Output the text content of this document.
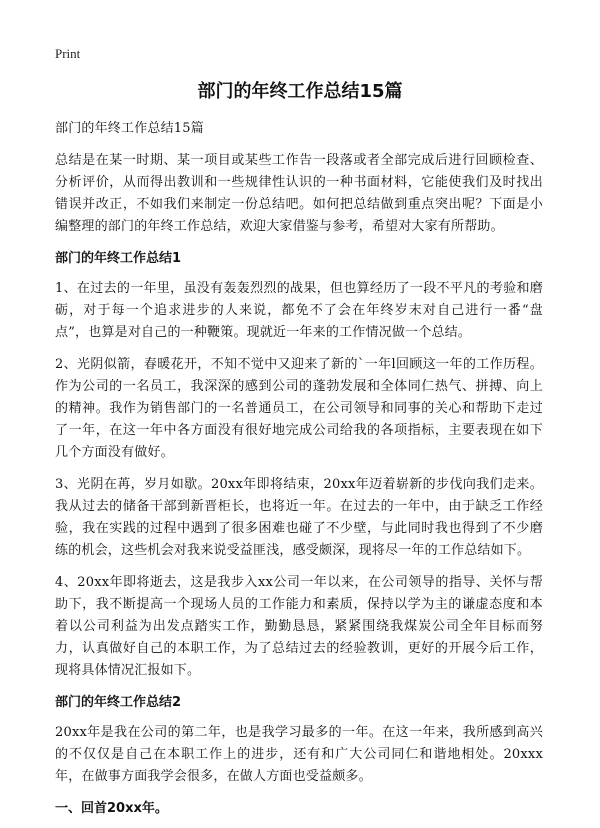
Print
部门的年终工作总结15篇

部门的年终工作总结15篇

总结是在某一时期、某一项目或某些工作告一段落或者全部完成后进行回顾检查、分析评价，从而得出教训和一些规律性认识的一种书面材料，它能使我们及时找出错误并改正，不如我们来制定一份总结吧。如何把总结做到重点突出呢？下面是小编整理的部门的年终工作总结，欢迎大家借鉴与参考，希望对大家有所帮助。

部门的年终工作总结1

1、在过去的一年里，虽没有轰轰烈烈的战果，但也算经历了一段不平凡的考验和磨砺，对于每一个追求进步的人来说，都免不了会在年终岁末对自己进行一番“盘点”，也算是对自己的一种鞭策。现就近一年来的工作情况做一个总结。

2、光阴似箭，春暖花开，不知不觉中又迎来了新的`一年l回顾这一年的工作历程。作为公司的一名员工，我深深的感到公司的蓬勃发展和全体同仁热气、拼搏、向上的精神。我作为销售部门的一名普通员工，在公司领导和同事的关心和帮助下走过了一年，在这一年中各方面没有很好地完成公司给我的各项指标，主要表现在如下几个方面没有做好。

3、光阴在苒，岁月如歇。20xx年即将结束，20xx年迈着崭新的步伐向我们走来。我从过去的储备干部到新晋柜长，也将近一年。在过去的一年中，由于缺乏工作经验，我在实践的过程中遇到了很多困难也碰了不少壁，与此同时我也得到了不少磨练的机会，这些机会对我来说受益匪浅，感受颇深，现将尽一年的工作总结如下。

4、20xx年即将逝去，这是我步入xx公司一年以来，在公司领导的指导、关怀与帮助下，我不断提高一个现场人员的工作能力和素质，保持以学为主的谦虚态度和本着以公司利益为出发点踏实工作，勤勤恳恳，紧紧围绕我煤炭公司全年目标而努力，认真做好自己的本职工作，为了总结过去的经验教训，更好的开展今后工作，现将具体情况汇报如下。

部门的年终工作总结2

20xx年是我在公司的第二年，也是我学习最多的一年。在这一年来，我所感到高兴的不仅仅是自己在本职工作上的进步，还有和广大公司同仁和谐地相处。20xxx年，在做事方面我学会很多，在做人方面也受益颇多。

一、回首20xx年。
